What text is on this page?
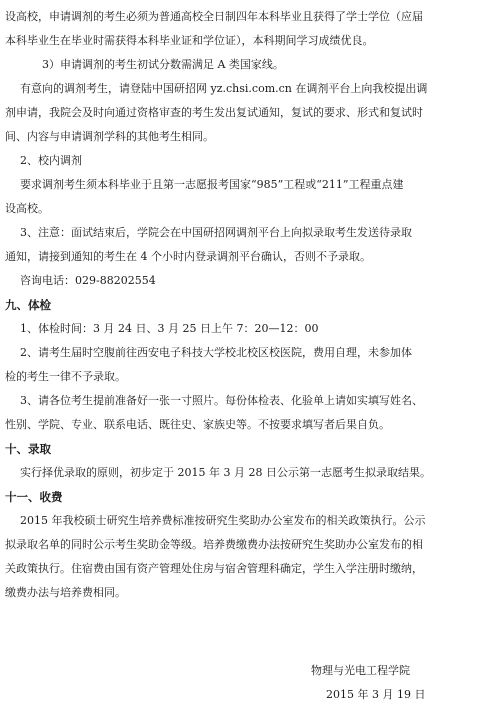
设高校，申请调剂的考生必须为普通高校全日制四年本科毕业且获得了学士学位（应届
本科毕业生在毕业时需获得本科毕业证和学位证），本科期间学习成绩优良。
3）申请调剂的考生初试分数需满足 A 类国家线。
有意向的调剂考生，请登陆中国研招网 yz.chsi.com.cn 在调剂平台上向我校提出调
剂申请，我院会及时向通过资格审查的考生发出复试通知，复试的要求、形式和复试时
间、内容与申请调剂学科的其他考生相同。
2、校内调剂
要求调剂考生须本科毕业于且第一志愿报考国家“985”工程或“211”工程重点建
设高校。
3、注意：面试结束后，学院会在中国研招网调剂平台上向拟录取考生发送待录取
通知，请接到通知的考生在 4 个小时内登录调剂平台确认，否则不予录取。
咨询电话：029-88202554
九、体检
1、体检时间：3 月 24 日、3 月 25 日上午 7：20—12：00
2、请考生届时空腹前往西安电子科技大学校北校区校医院，费用自理，未参加体
检的考生一律不予录取。
3、请各位考生提前准备好一张一寸照片。每份体检表、化验单上请如实填写姓名、
性别、学院、专业、联系电话、既往史、家族史等。不按要求填写者后果自负。
十、录取
实行择优录取的原则，初步定于 2015 年 3 月 28 日公示第一志愿考生拟录取结果。
十一、收费
2015 年我校硕士研究生培养费标准按研究生奖助办公室发布的相关政策执行。公示
拟录取名单的同时公示考生奖助金等级。培养费缴费办法按研究生奖助办公室发布的相
关政策执行。住宿费由国有资产管理处住房与宿舍管理科确定，学生入学注册时缴纳，
缴费办法与培养费相同。
物理与光电工程学院
2015 年 3 月 19 日
